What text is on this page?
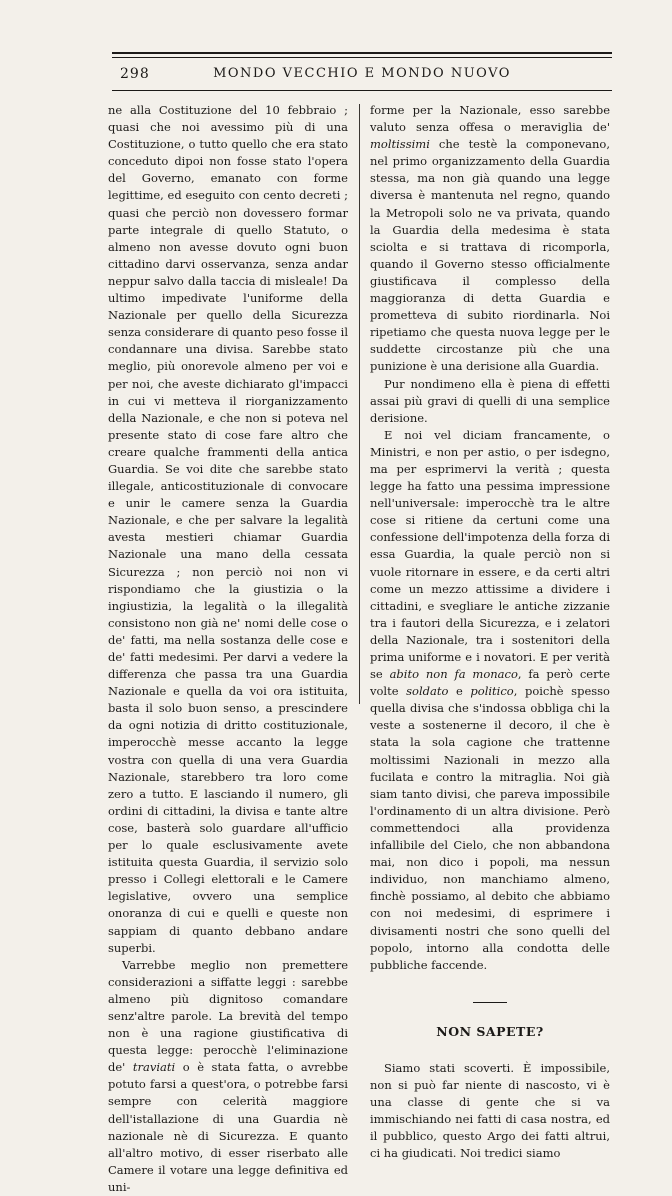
298	MONDO VECCHIO E MONDO NUOVO

ne alla Costituzione del 10 febbraio ; quasi che noi avessimo più di una Costituzione, o tutto quello che era stato conceduto dipoi non fosse stato l'opera del Governo, emanato con forme legittime, ed eseguito con cento decreti ; quasi che perciò non dovessero formar parte integrale di quello Statuto, o almeno non avesse dovuto ogni buon cittadino darvi osservanza, senza andar neppur salvo dalla taccia di misleale! Da ultimo impedivate l'uniforme della Nazionale per quello della Sicurezza senza considerare di quanto peso fosse il condannare una divisa. Sarebbe stato meglio, più onorevole almeno per voi e per noi, che aveste dichiarato gl'impacci in cui vi metteva il riorganizzamento della Nazionale, e che non si poteva nel presente stato di cose fare altro che creare qualche frammenti della antica Guardia. Se voi dite che sarebbe stato illegale, anticostituzionale di convocare e unir le camere senza la Guardia Nazionale, e che per salvare la legalità avesta mestieri chiamar Guardia Nazionale una mano della cessata Sicurezza ; non perciò noi non vi rispondiamo che la giustizia o la ingiustizia, la legalità o la illegalità consistono non già ne' nomi delle cose o de' fatti, ma nella sostanza delle cose e de' fatti medesimi. Per darvi a vedere la differenza che passa tra una Guardia Nazionale e quella da voi ora istituita, basta il solo buon senso, a prescindere da ogni notizia di dritto costituzionale, imperocchè messe accanto la legge vostra con quella di una vera Guardia Nazionale, starebbero tra loro come zero a tutto. E lasciando il numero, gli ordini di cittadini, la divisa e tante altre cose, basterà solo guardare all'ufficio per lo quale esclusivamente avete istituita questa Guardia, il servizio solo presso i Collegi elettorali e le Camere legislative, ovvero una semplice onoranza di cui e quelli e queste non sappiam di quanto debbano andare superbi.

Varrebbe meglio non premettere considerazioni a siffatte leggi : sarebbe almeno più dignitoso comandare senz'altre parole. La brevità del tempo non è una ragione giustificativa di questa legge: perocchè l'eliminazione de' traviati o è stata fatta, o avrebbe potuto farsi a quest'ora, o potrebbe farsi sempre con celerità maggiore dell'istallazione di una Guardia nè nazionale nè di Sicurezza. E quanto all'altro motivo, di esser riserbato alle Camere il votare una legge definitiva ed uni-

forme per la Nazionale, esso sarebbe valuto senza offesa o meraviglia de' moltissimi che testè la componevano, nel primo organizzamento della Guardia stessa, ma non già quando una legge diversa è mantenuta nel regno, quando la Metropoli solo ne va privata, quando la Guardia della medesima è stata sciolta e si trattava di ricomporla, quando il Governo stesso officialmente giustificava il complesso della maggioranza di detta Guardia e prometteva di subito riordinarla. Noi ripetiamo che questa nuova legge per le suddette circostanze più che una punizione è una derisione alla Guardia.

Pur nondimeno ella è piena di effetti assai più gravi di quelli di una semplice derisione.

E noi vel diciam francamente, o Ministri, e non per astio, o per isdegno, ma per esprimervi la verità ; questa legge ha fatto una pessima impressione nell'universale: imperocchè tra le altre cose si ritiene da certuni come una confessione dell'impotenza della forza di essa Guardia, la quale perciò non si vuole ritornare in essere, e da certi altri come un mezzo attissime a dividere i cittadini, e svegliare le antiche zizzanie tra i fautori della Sicurezza, e i zelatori della Nazionale, tra i sostenitori della prima uniforme e i novatori. E per verità se abito non fa monaco, fa però certe volte soldato e politico, poichè spesso quella divisa che s'indossa obbliga chi la veste a sostenerne il decoro, il che è stata la sola cagione che trattenne moltissimi Nazionali in mezzo alla fucilata e contro la mitraglia. Noi già siam tanto divisi, che pareva impossibile l'ordinamento di un altra divisione. Però commettendoci alla providenza infallibile del Cielo, che non abbandona mai, non dico i popoli, ma nessun individuo, non manchiamo almeno, finchè possiamo, al debito che abbiamo con noi medesimi, di esprimere i divisamenti nostri che sono quelli del popolo, intorno alla condotta delle pubbliche faccende.

NON SAPETE?

Siamo stati scoverti. È impossibile, non si può far niente di nascosto, vi è una classe di gente che si va immischiando nei fatti di casa nostra, ed il pubblico, questo Argo dei fatti altrui, ci ha giudicati. Noi tredici siamo
